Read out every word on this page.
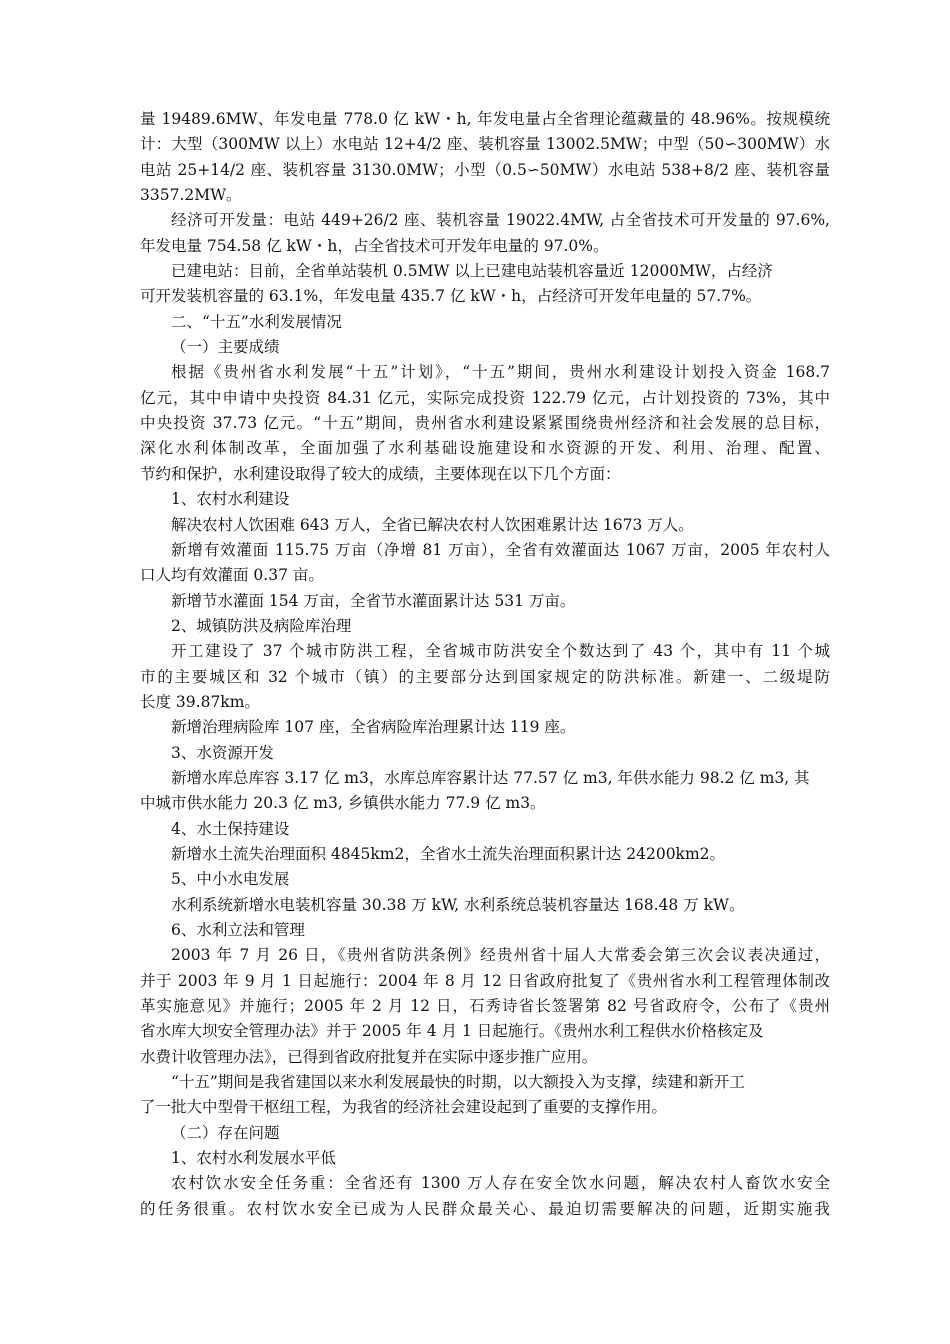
量 19489.6MW、年发电量 778.0 亿 kW・h, 年发电量占全省理论蕴藏量的 48.96%。按规模统

计：大型（300MW 以上）水电站 12+4/2 座、装机容量 13002.5MW；中型（50∽300MW）水

电站 25+14/2 座、装机容量 3130.0MW；小型（0.5∽50MW）水电站 538+8/2 座、装机容量

3357.2MW。

经济可开发量：电站 449+26/2 座、装机容量 19022.4MW, 占全省技术可开发量的 97.6%,

年发电量 754.58 亿 kW・h，占全省技术可开发年电量的 97.0%。

已建电站：目前，全省单站装机 0.5MW 以上已建电站装机容量近 12000MW，占经济

可开发装机容量的 63.1%，年发电量 435.7 亿 kW・h，占经济可开发年电量的 57.7%。

二、“十五”水利发展情况

（一）主要成绩

根据《贵州省水利发展“十五”计划》，“十五”期间，贵州水利建设计划投入资金 168.7

亿元，其中申请中央投资 84.31 亿元，实际完成投资 122.79 亿元，占计划投资的 73%，其中

中央投资 37.73 亿元。“十五”期间，贵州省水利建设紧紧围绕贵州经济和社会发展的总目标，

深化水利体制改革，全面加强了水利基础设施建设和水资源的开发、利用、治理、配置、

节约和保护，水利建设取得了较大的成绩，主要体现在以下几个方面：

1、农村水利建设

解决农村人饮困难 643 万人，全省已解决农村人饮困难累计达 1673 万人。

新增有效灌面 115.75 万亩（净增 81 万亩），全省有效灌面达 1067 万亩，2005 年农村人

口人均有效灌面 0.37 亩。

新增节水灌面 154 万亩，全省节水灌面累计达 531 万亩。

2、城镇防洪及病险库治理

开工建设了 37 个城市防洪工程，全省城市防洪安全个数达到了 43 个，其中有 11 个城

市的主要城区和 32 个城市（镇）的主要部分达到国家规定的防洪标准。新建一、二级堤防

长度 39.87km。

新增治理病险库 107 座，全省病险库治理累计达 119 座。

3、水资源开发

新增水库总库容 3.17 亿 m3，水库总库容累计达 77.57 亿 m3, 年供水能力 98.2 亿 m3, 其

中城市供水能力 20.3 亿 m3, 乡镇供水能力 77.9 亿 m3。

4、水土保持建设

新增水土流失治理面积 4845km2，全省水土流失治理面积累计达 24200km2。

5、中小水电发展

水利系统新增水电装机容量 30.38 万 kW, 水利系统总装机容量达 168.48 万 kW。

6、水利立法和管理

2003 年 7 月 26 日，《贵州省防洪条例》经贵州省十届人大常委会第三次会议表决通过，

并于 2003 年 9 月 1 日起施行：2004 年 8 月 12 日省政府批复了《贵州省水利工程管理体制改

革实施意见》并施行；2005 年 2 月 12 日，石秀诗省长签署第 82 号省政府令，公布了《贵州

省水库大坝安全管理办法》并于 2005 年 4 月 1 日起施行。《贵州水利工程供水价格核定及

水费计收管理办法》，已得到省政府批复并在实际中逐步推广应用。

“十五”期间是我省建国以来水利发展最快的时期，以大额投入为支撑，续建和新开工

了一批大中型骨干枢纽工程，为我省的经济社会建设起到了重要的支撑作用。

（二）存在问题

1、农村水利发展水平低

农村饮水安全任务重：全省还有 1300 万人存在安全饮水问题，解决农村人畜饮水安全

的任务很重。农村饮水安全已成为人民群众最关心、最迫切需要解决的问题，近期实施我
